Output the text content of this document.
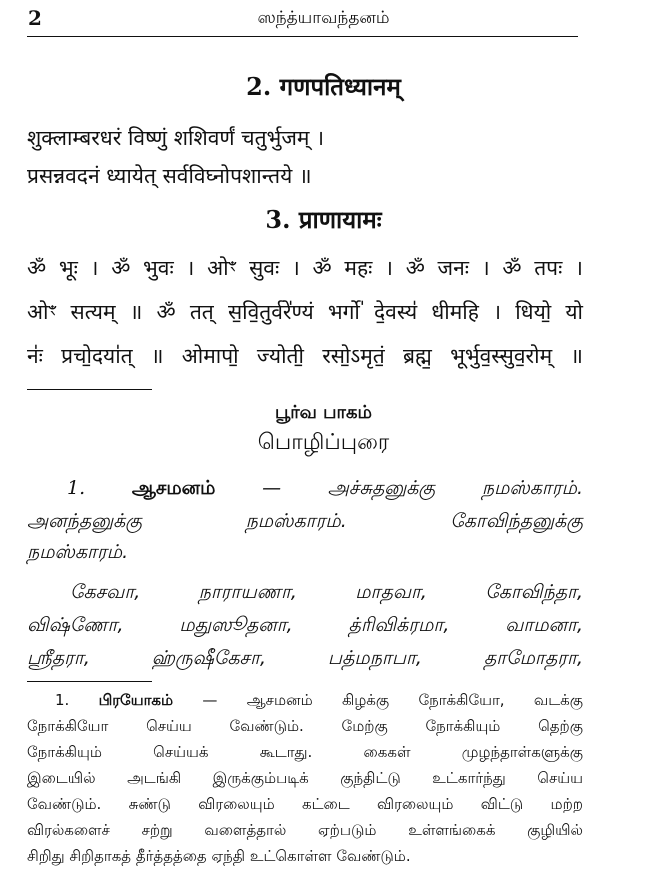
2	ஸந்த்யாவந்தனம்
2. गणपतिध्यानम्
शुक्लाम्बरधरं विष्णुं शशिवर्णं चतुर्भुजम् ।
प्रसन्नवदनं ध्यायेत् सर्वविघ्नोपशान्तये ॥
3. प्राणायामः
ॐ भूः । ॐ भुवः । ओꣳ सुवः । ॐ महः । ॐ जनः । ॐ तपः ।
ओꣳ सत्यम् ॥ ॐ तत् स॒वि॒तुर्वरे॑ण्यं भर्गो॑ दे॒वस्य॑ धीमहि । धियो॒ यो
नः॑ प्रचो॒दया॑त् ॥ ओमापो॒ ज्योती॒ रसो॒ऽमृतं॒ ब्रह्म॒ भूर्भुव॒स्सुव॒रोम् ॥
பூர்வ பாகம்
பொழிப்புரை
1. ஆசமனம் — அச்சுதனுக்கு நமஸ்காரம்.
அனந்தனுக்கு நமஸ்காரம். கோவிந்தனுக்கு
நமஸ்காரம்.
கேசவா, நாராயணா, மாதவா, கோவிந்தா,
விஷ்ணோ, மதுஸூதனா, த்ரிவிக்ரமா, வாமனா,
ஶ்ரீதரா, ஹ்ருஷீகேசா, பத்மநாபா, தாமோதரா,
1. பிரயோகம் — ஆசமனம் கிழக்கு நோக்கியோ, வடக்கு
நோக்கியோ செய்ய வேண்டும். மேற்கு நோக்கியும் தெற்கு
நோக்கியும் செய்யக் கூடாது. கைகள் முழந்தாள்களுக்கு
இடையில் அடங்கி இருக்கும்படிக் குந்திட்டு உட்கார்ந்து செய்ய
வேண்டும். சுண்டு விரலையும் கட்டை விரலையும் விட்டு மற்ற
விரல்களைச் சற்று வளைத்தால் ஏற்படும் உள்ளங்கைக் குழியில்
சிறிது சிறிதாகத் தீர்த்தத்தை ஏந்தி உட்கொள்ள வேண்டும்.
